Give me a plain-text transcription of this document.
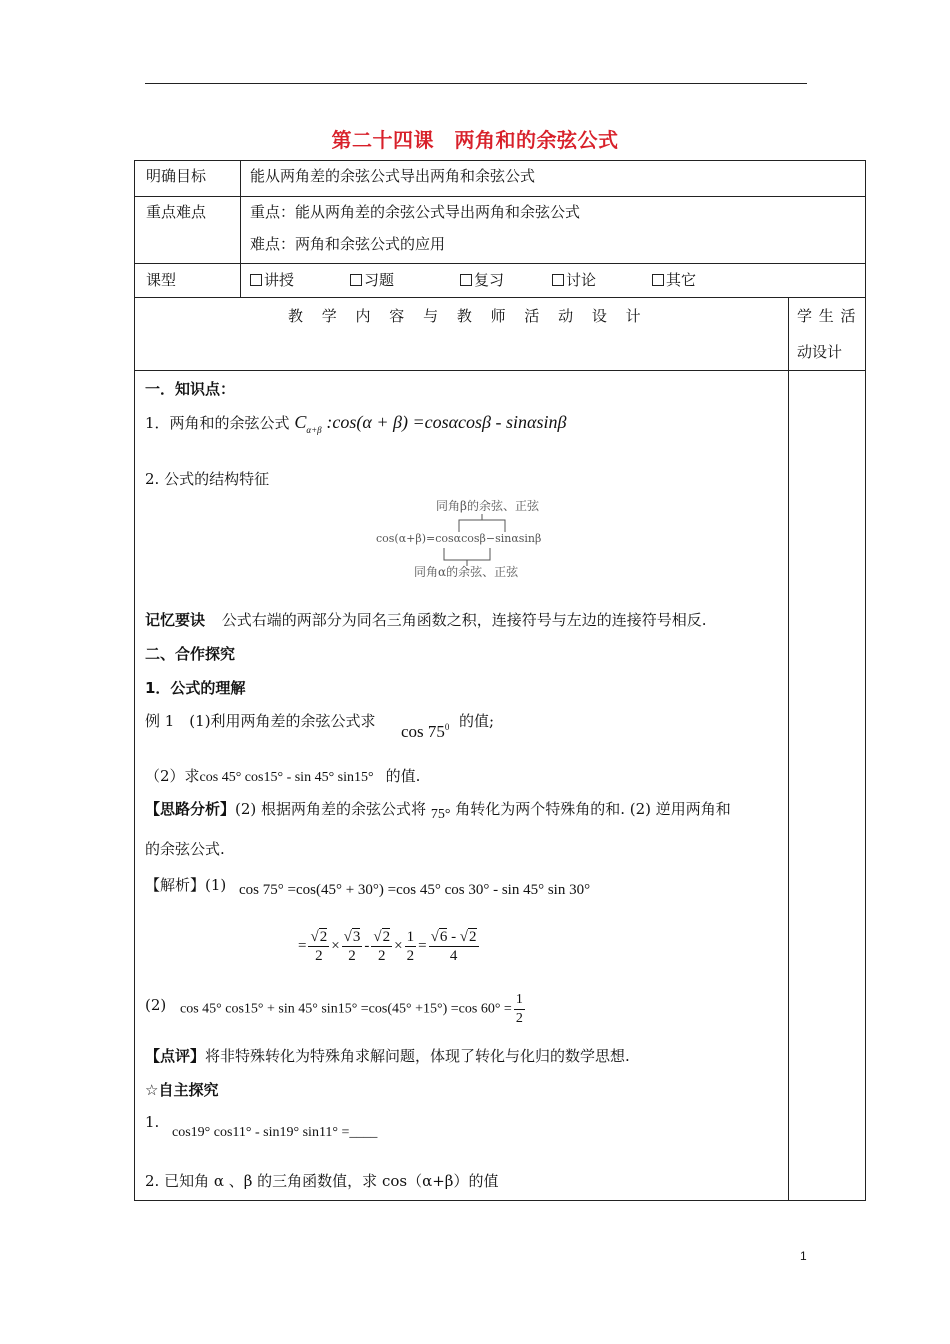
第二十四课　两角和的余弦公式
明确目标	能从两角差的余弦公式导出两角和余弦公式
重点难点	重点：能从两角差的余弦公式导出两角和余弦公式
难点：两角和余弦公式的应用
课型	讲授	习题	复习	讨论	其它
教 学 内 容 与 教 师 活 动 设 计	学 生 活
动设计
一．知识点：
1．两角和的余弦公式 $C_{\alpha+\beta}$ :cos(α + β) =cosαcosβ - sinαsinβ
2. 公式的结构特征
同角β的余弦、正弦
cos(α+β)=cosαcosβ−sinαsinβ
同角α的余弦、正弦
记忆要诀 公式右端的两部分为同名三角函数之积，连接符号与左边的连接符号相反.
二、合作探究
1．公式的理解
例 1　(1)利用两角差的余弦公式求
$\cos 75^0$ 的值;
（2）求cos 45° cos15° - sin 45° sin15° 的值.
【思路分析】(2) 根据两角差的余弦公式将 75° 角转化为两个特殊角的和. (2) 逆用两角和
的余弦公式.
【解析】(1) cos 75° =cos(45° + 30°) =cos 45° cos 30° - sin 45° sin 30°
= $\frac{√2}{2} \times \frac{√3}{2} - \frac{√2}{2} \times \frac{1}{2} = \frac{√6 - √2}{4}$
(2) cos 45° cos15° + sin 45° sin15° =cos(45° +15°) =cos $60^\circ = \frac{1}{2}$
【点评】将非特殊转化为特殊角求解问题，体现了转化与化归的数学思想.
☆自主探究
1.
cos19° cos11° - sin19° sin11° =____
2. 已知角 α 、β 的三角函数值，求 cos（α+β）的值
1
